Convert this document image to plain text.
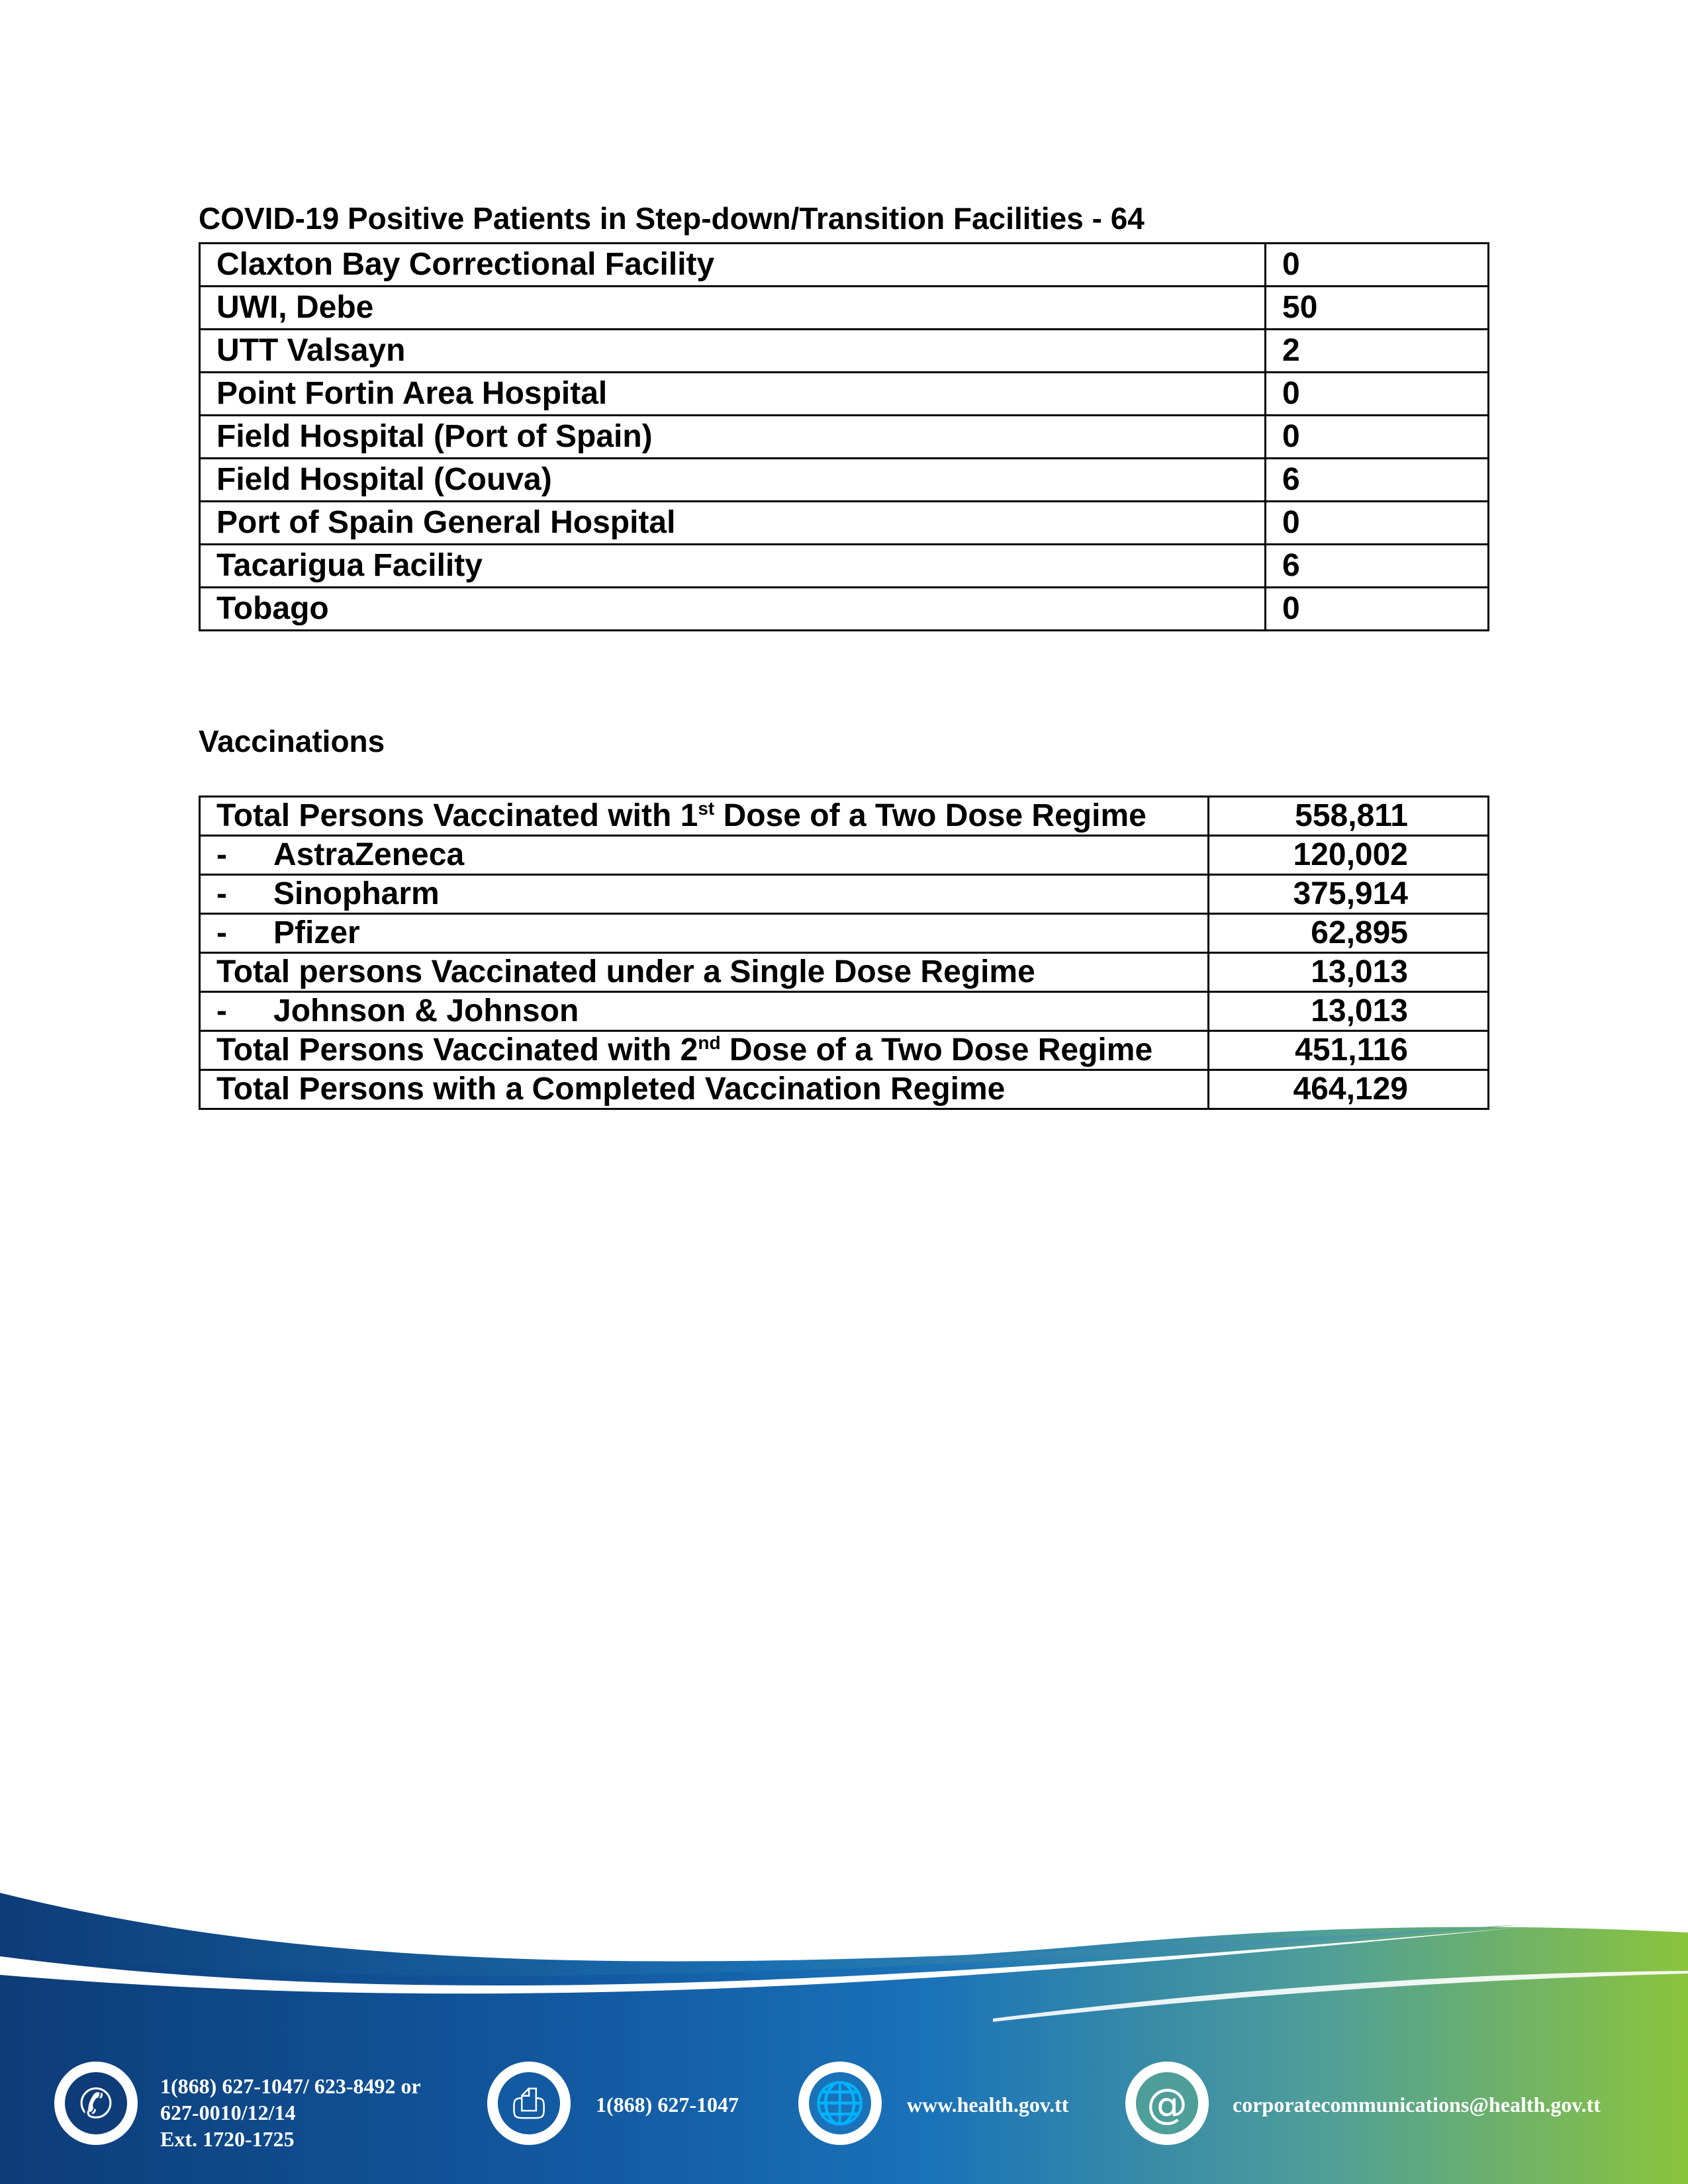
COVID-19 Positive Patients in Step-down/Transition Facilities - 64
Claxton Bay Correctional Facility	0
UWI, Debe	50
UTT Valsayn	2
Point Fortin Area Hospital	0
Field Hospital (Port of Spain)	0
Field Hospital (Couva)	6
Port of Spain General Hospital	0
Tacarigua Facility	6
Tobago	0
Vaccinations
Total Persons Vaccinated with 1st Dose of a Two Dose Regime	558,811
- AstraZeneca	120,002
- Sinopharm	375,914
- Pfizer	62,895
Total persons Vaccinated under a Single Dose Regime	13,013
- Johnson & Johnson	13,013
Total Persons Vaccinated with 2nd Dose of a Two Dose Regime	451,116
Total Persons with a Completed Vaccination Regime	464,129
✆	1(868) 627-1047/ 623-8492 or
627-0010/12/14
Ext. 1720-1725
⎙	1(868) 627-1047 🌐 www.health.gov.tt @	corporatecommunications@health.gov.tt
